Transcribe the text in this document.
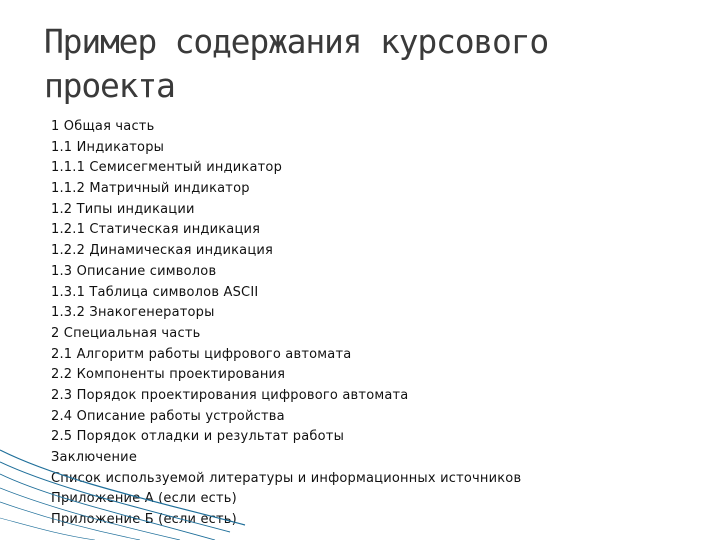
Пример содержания курсового проекта
1 Общая часть
1.1 Индикаторы
1.1.1 Семисегментый индикатор
1.1.2 Матричный индикатор
1.2 Типы индикации
1.2.1 Статическая индикация
1.2.2 Динамическая индикация
1.3 Описание символов
1.3.1 Таблица символов ASCII
1.3.2 Знакогенераторы
2 Специальная часть
2.1 Алгоритм работы цифрового автомата
2.2 Компоненты проектирования
2.3 Порядок проектирования цифрового автомата
2.4 Описание работы устройства
2.5 Порядок отладки и результат работы
Заключение
Список используемой литературы и информационных источников
Приложение А (если есть)
Приложение Б (если есть)
